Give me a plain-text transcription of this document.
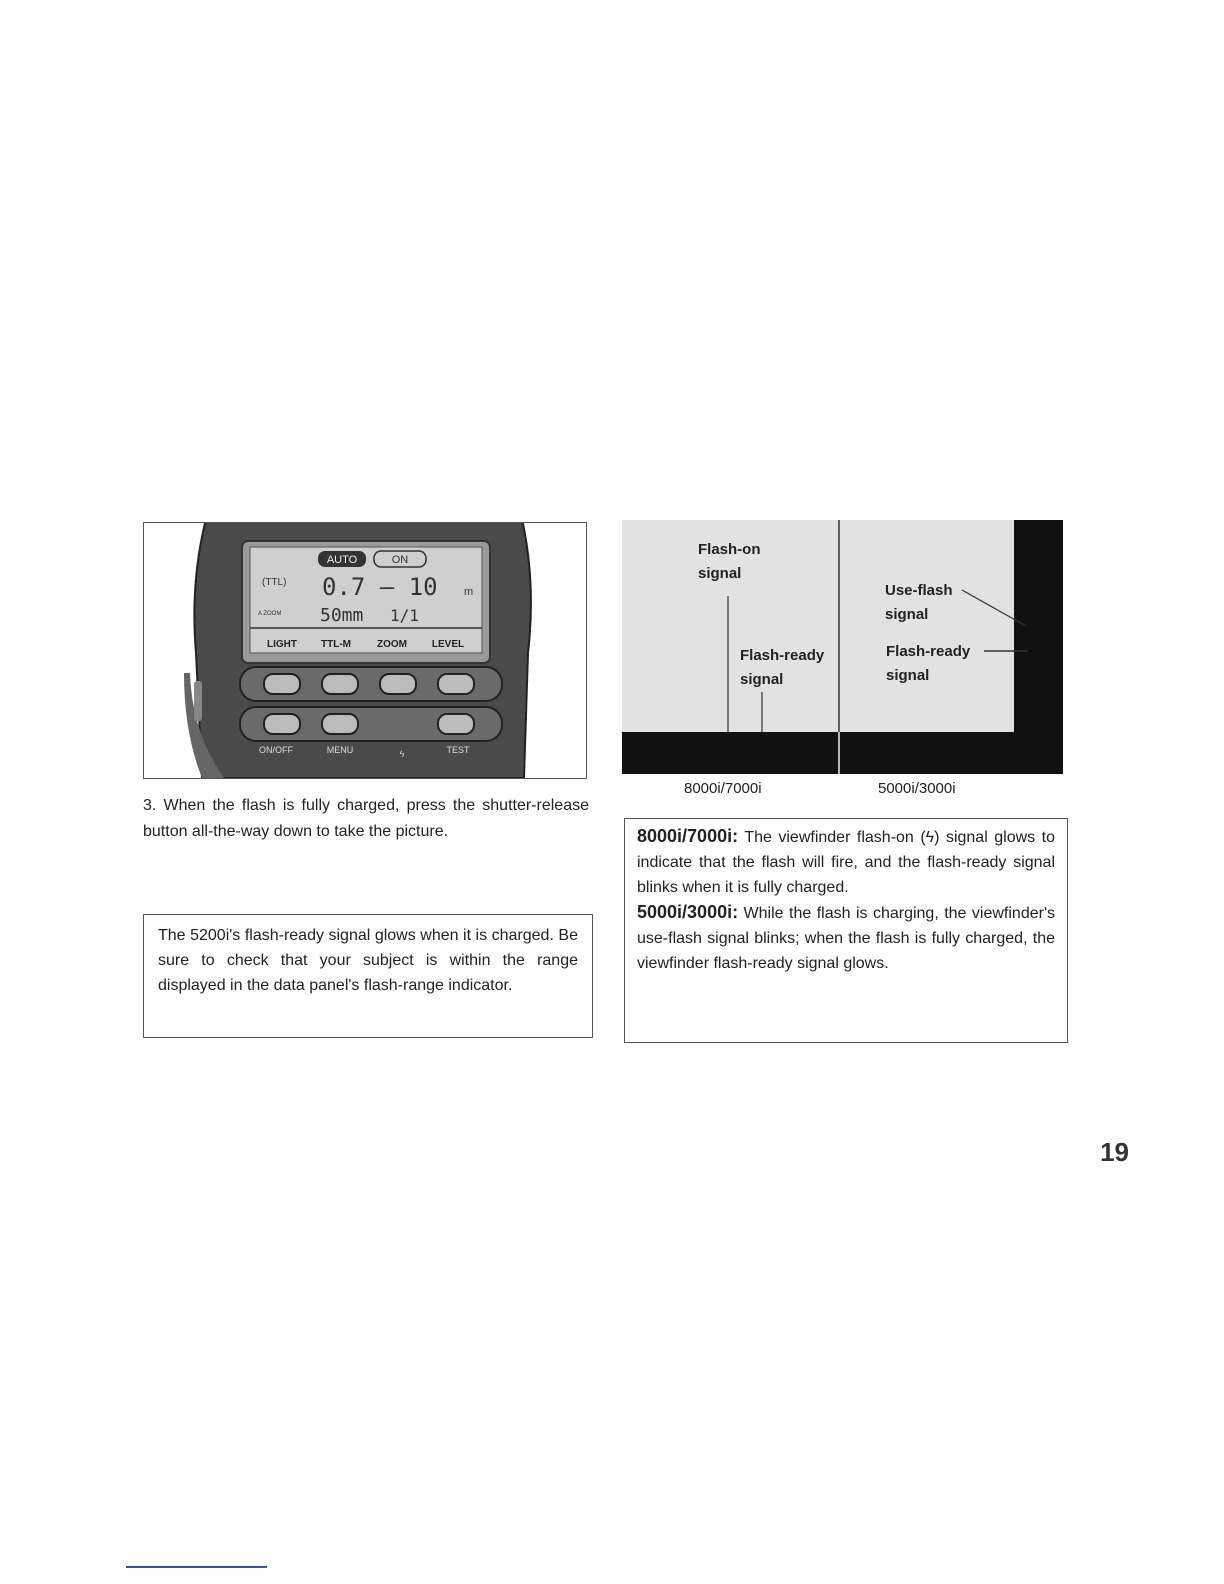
AUTO	ON
(TTL) 0.7 – 10 m
A ZOOM 50mm 1/1
LIGHT TTL-M	ZOOM LEVEL
ON/OFF	MENU	ϟ	TEST
Flash-on
signal
Flash-ready
signal
Use-flash
signal
Flash-ready
signal
8000i/7000i	5000i/3000i
3. When the flash is fully charged, press the shutter-release button all-the-way down to take the picture.
The 5200i's flash-ready signal glows when it is charged. Be sure to check that your subject is within the range displayed in the data panel's flash-range indicator.
8000i/7000i: The viewfinder flash-on (ϟ) signal glows to indicate that the flash will fire, and the flash-ready signal blinks when it is fully charged.
5000i/3000i: While the flash is charging, the viewfinder's use-flash signal blinks; when the flash is fully charged, the viewfinder flash-ready signal glows.
19
